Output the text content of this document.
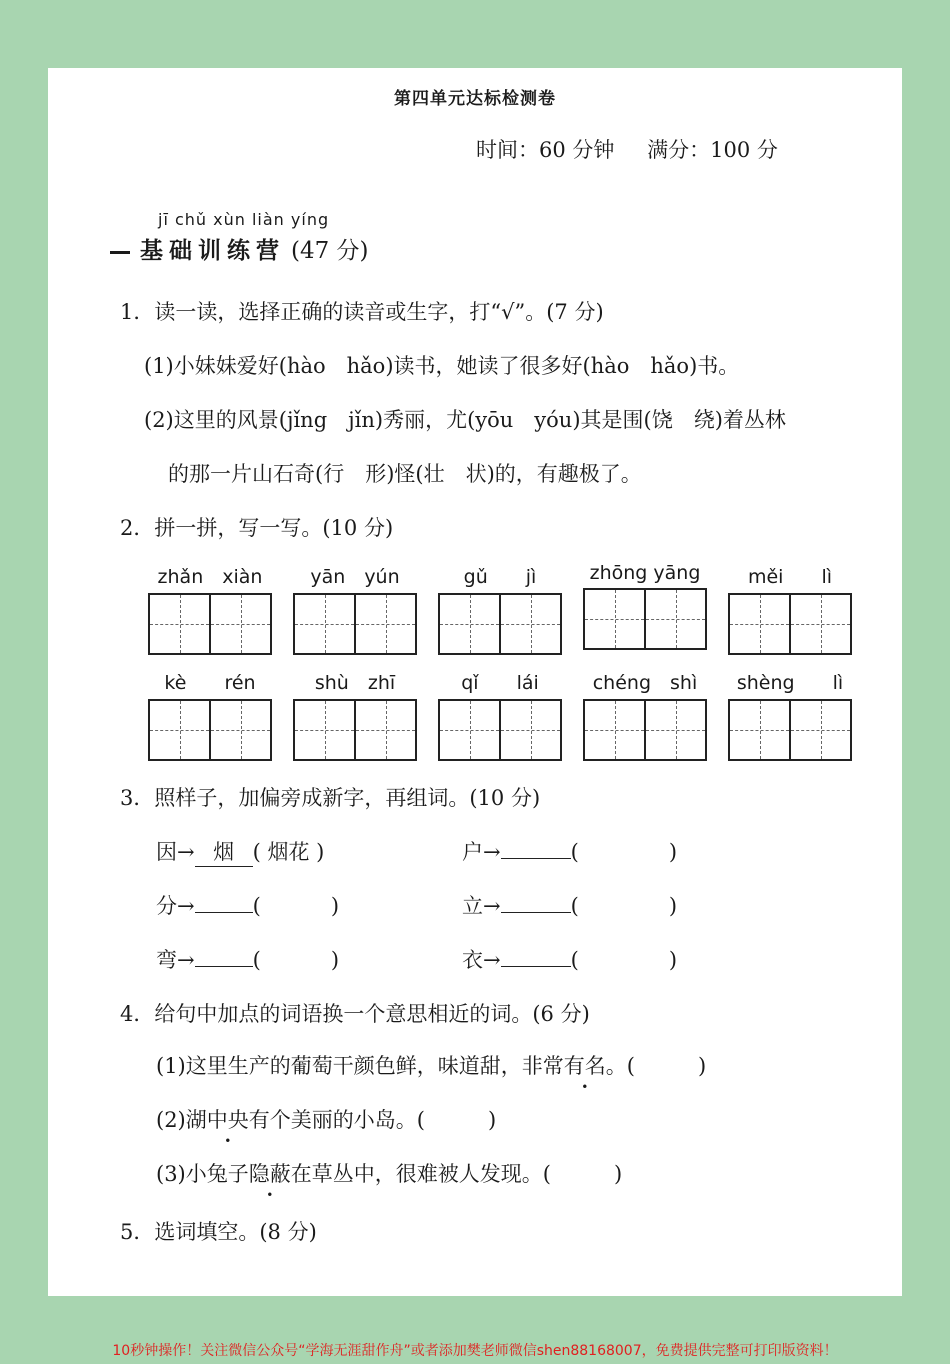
第四单元达标检测卷
时间：60 分钟 满分：100 分
jī chǔ xùn liàn yíng
基础训练营 (47 分)
1．读一读，选择正确的读音或生字，打“√”。(7 分)
(1)小妹妹爱好(hào　hǎo)读书，她读了很多好(hào　hǎo)书。
(2)这里的风景(jǐng　jǐn)秀丽，尤(yōu　yóu)其是围(饶　绕)着丛林
的那一片山石奇(行　形)怪(壮　状)的，有趣极了。
2．拼一拼，写一写。(10 分)
zhǎn　 xiàn	yān　 yún	gǔ　　 jì	zhōng yāng	měi　　 lì
kè　　 rén	shù　 zhī	qǐ　　 lái	chéng　 shì	shèng　　 lì
3．照样子，加偏旁成新字，再组词。(10 分)
因→ 烟 ( 烟花 )	户→	(	)
分→	(	)	立→	(	)
弯→	(	)	衣→	(	)
4．给句中加点的词语换一个意思相近的词。(6 分)
(1)这里生产的葡萄干颜色鲜，味道甜，非常有名。(　　　)
(2)湖中央有个美丽的小岛。(　　　)
(3)小兔子隐蔽在草丛中，很难被人发现。(　　　)
5．选词填空。(8 分)
10秒钟操作！关注微信公众号“学海无涯甜作舟”或者添加樊老师微信shen88168007，免费提供完整可打印版资料！
